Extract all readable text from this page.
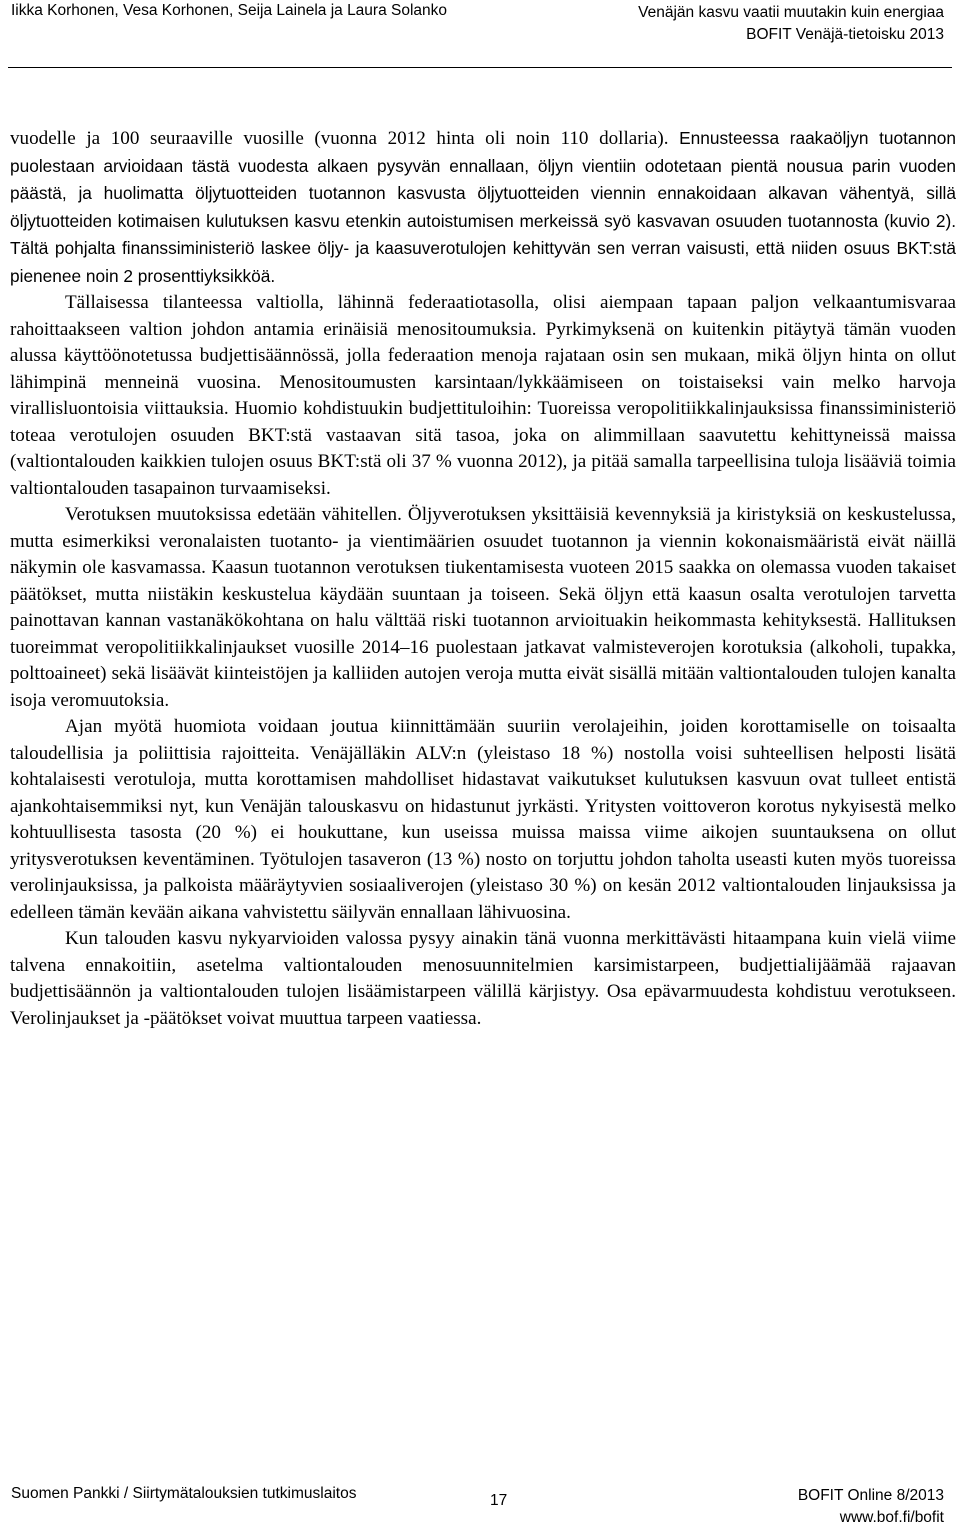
Iikka Korhonen, Vesa Korhonen, Seija Lainela ja Laura Solanko	Venäjän kasvu vaatii muutakin kuin energiaa
BOFIT Venäjä-tietoisku 2013

vuodelle ja 100 seuraaville vuosille (vuonna 2012 hinta oli noin 110 dollaria). Ennusteessa raakaöljyn tuotannon puolestaan arvioidaan tästä vuodesta alkaen pysyvän ennallaan, öljyn vientiin odotetaan pientä nousua parin vuoden päästä, ja huolimatta öljytuotteiden tuotannon kasvusta öljytuotteiden viennin ennakoidaan alkavan vähentyä, sillä öljytuotteiden kotimaisen kulutuksen kasvu etenkin autoistumisen merkeissä syö kasvavan osuuden tuotannosta (kuvio 2). Tältä pohjalta finanssiministeriö laskee öljy- ja kaasuverotulojen kehittyvän sen verran vaisusti, että niiden osuus BKT:stä pienenee noin 2 prosenttiyksikköä.

Tällaisessa tilanteessa valtiolla, lähinnä federaatiotasolla, olisi aiempaan tapaan paljon velkaantumisvaraa rahoittaakseen valtion johdon antamia erinäisiä menositoumuksia. Pyrkimyksenä on kuitenkin pitäytyä tämän vuoden alussa käyttöönotetussa budjettisäännössä, jolla federaation menoja rajataan osin sen mukaan, mikä öljyn hinta on ollut lähimpinä menneinä vuosina. Menositoumusten karsintaan/lykkäämiseen on toistaiseksi vain melko harvoja virallisluontoisia viittauksia. Huomio kohdistuukin budjettituloihin: Tuoreissa veropolitiikkalinjauksissa finanssiministeriö toteaa verotulojen osuuden BKT:stä vastaavan sitä tasoa, joka on alimmillaan saavutettu kehittyneissä maissa (valtiontalouden kaikkien tulojen osuus BKT:stä oli 37 % vuonna 2012), ja pitää samalla tarpeellisina tuloja lisääviä toimia valtiontalouden tasapainon turvaamiseksi.

Verotuksen muutoksissa edetään vähitellen. Öljyverotuksen yksittäisiä kevennyksiä ja kiristyksiä on keskustelussa, mutta esimerkiksi veronalaisten tuotanto- ja vientimäärien osuudet tuotannon ja viennin kokonaismääristä eivät näillä näkymin ole kasvamassa. Kaasun tuotannon verotuksen tiukentamisesta vuoteen 2015 saakka on olemassa vuoden takaiset päätökset, mutta niistäkin keskustelua käydään suuntaan ja toiseen. Sekä öljyn että kaasun osalta verotulojen tarvetta painottavan kannan vastanäkökohtana on halu välttää riski tuotannon arvioituakin heikommasta kehityksestä. Hallituksen tuoreimmat veropolitiikkalinjaukset vuosille 2014–16 puolestaan jatkavat valmisteverojen korotuksia (alkoholi, tupakka, polttoaineet) sekä lisäävät kiinteistöjen ja kalliiden autojen veroja mutta eivät sisällä mitään valtiontalouden tulojen kanalta isoja veromuutoksia.

Ajan myötä huomiota voidaan joutua kiinnittämään suuriin verolajeihin, joiden korottamiselle on toisaalta taloudellisia ja poliittisia rajoitteita. Venäjälläkin ALV:n (yleistaso 18 %) nostolla voisi suhteellisen helposti lisätä kohtalaisesti verotuloja, mutta korottamisen mahdolliset hidastavat vaikutukset kulutuksen kasvuun ovat tulleet entistä ajankohtaisemmiksi nyt, kun Venäjän talouskasvu on hidastunut jyrkästi. Yritysten voittoveron korotus nykyisestä melko kohtuullisesta tasosta (20 %) ei houkuttane, kun useissa muissa maissa viime aikojen suuntauksena on ollut yritysverotuksen keventäminen. Työtulojen tasaveron (13 %) nosto on torjuttu johdon taholta useasti kuten myös tuoreissa verolinjauksissa, ja palkoista määräytyvien sosiaaliverojen (yleistaso 30 %) on kesän 2012 valtiontalouden linjauksissa ja edelleen tämän kevään aikana vahvistettu säilyvän ennallaan lähivuosina.

Kun talouden kasvu nykyarvioiden valossa pysyy ainakin tänä vuonna merkittävästi hitaampana kuin vielä viime talvena ennakoitiin, asetelma valtiontalouden menosuunnitelmien karsimistarpeen, budjettialijäämää rajaavan budjettisäännön ja valtiontalouden tulojen lisäämistarpeen välillä kärjistyy. Osa epävarmuudesta kohdistuu verotukseen. Verolinjaukset ja -päätökset voivat muuttua tarpeen vaatiessa.

Suomen Pankki / Siirtymätalouksien tutkimuslaitos	17	BOFIT Online 8/2013
www.bof.fi/bofit
